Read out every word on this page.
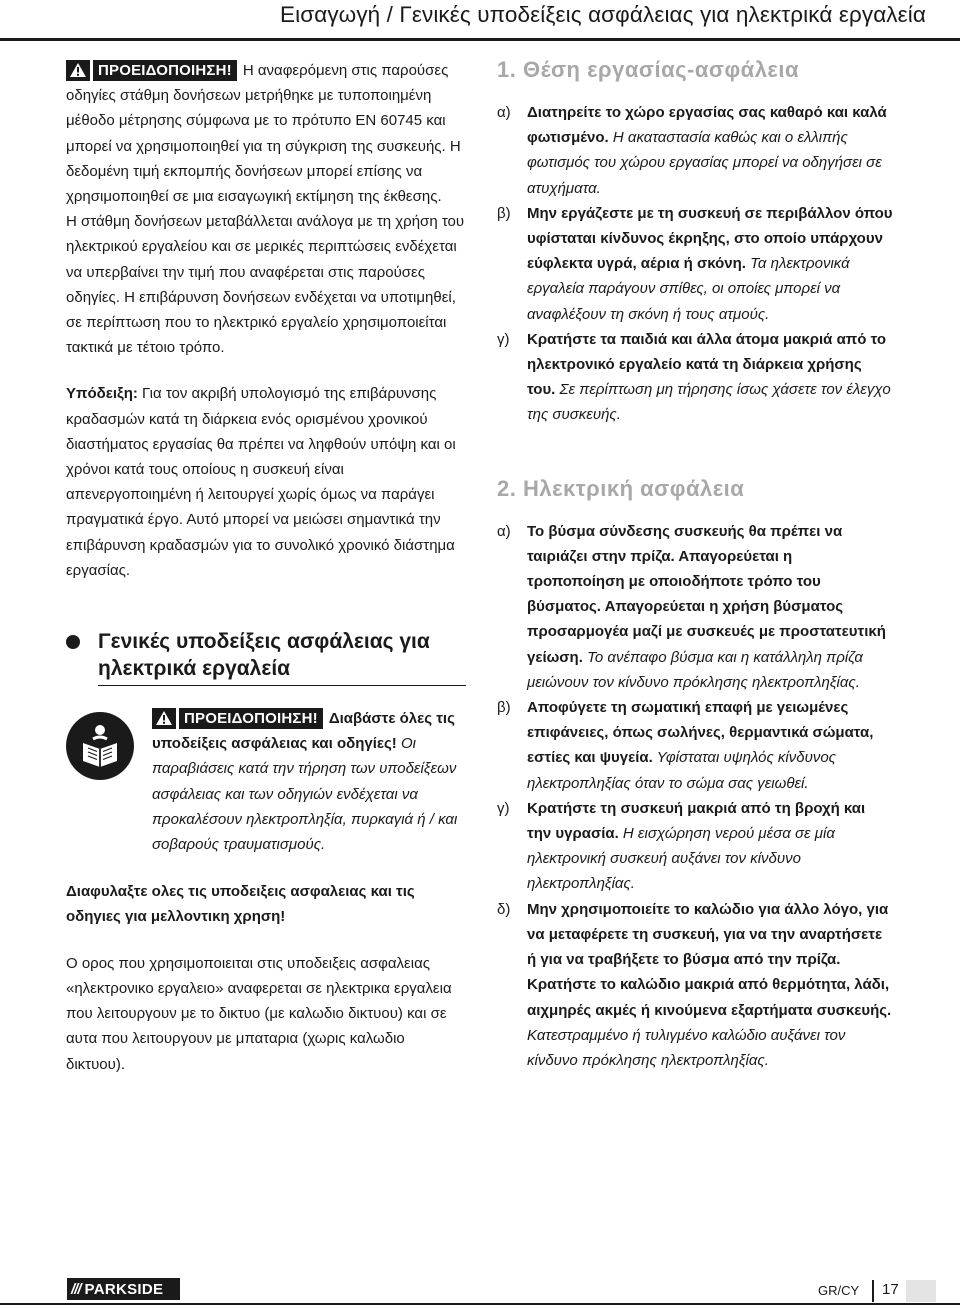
Εισαγωγή / Γενικές υποδείξεις ασφάλειας για ηλεκτρικά εργαλεία

ΠΡΟΕΙΔΟΠΟΙΗΣΗ! Η αναφερόμενη στις παρούσες οδηγίες στάθμη δονήσεων μετρήθηκε με τυποποιημένη μέθοδο μέτρησης σύμφωνα με το πρότυπο EN 60745 και μπορεί να χρησιμοποιηθεί για τη σύγκριση της συσκευής. Η δεδομένη τιμή εκπομπής δονήσεων μπορεί επίσης να χρησιμοποιηθεί σε μια εισαγωγική εκτίμηση της έκθεσης.

Η στάθμη δονήσεων μεταβάλλεται ανάλογα με τη χρήση του ηλεκτρικού εργαλείου και σε μερικές περιπτώσεις ενδέχεται να υπερβαίνει την τιμή που αναφέρεται στις παρούσες οδηγίες. Η επιβάρυνση δονήσεων ενδέχεται να υποτιμηθεί, σε περίπτωση που το ηλεκτρικό εργαλείο χρησιμοποιείται τακτικά με τέτοιο τρόπο.

Υπόδειξη: Για τον ακριβή υπολογισμό της επιβάρυνσης κραδασμών κατά τη διάρκεια ενός ορισμένου χρονικού διαστήματος εργασίας θα πρέπει να ληφθούν υπόψη και οι χρόνοι κατά τους οποίους η συσκευή είναι απενεργοποιημένη ή λειτουργεί χωρίς όμως να παράγει πραγματικά έργο. Αυτό μπορεί να μειώσει σημαντικά την επιβάρυνση κραδασμών για το συνολικό χρονικό διάστημα εργασίας.

Γενικές υποδείξεις ασφάλειας για ηλεκτρικά εργαλεία

ΠΡΟΕΙΔΟΠΟΙΗΣΗ! Διαβάστε όλες τις υποδείξεις ασφάλειας και οδηγίες! Οι παραβιάσεις κατά την τήρηση των υποδείξεων ασφάλειας και των οδηγιών ενδέχεται να προκαλέσουν ηλεκτροπληξία, πυρκαγιά ή / και σοβαρούς τραυματισμούς.

Διαφυλαξτε ολες τις υποδειξεις ασφαλειας και τις οδηγιες για μελλοντικη χρηση!

Ο ορος που χρησιμοποιειται στις υποδειξεις ασφαλειας «ηλεκτρονικο εργαλειο» αναφερεται σε ηλεκτρικα εργαλεια που λειτουργουν με το δικτυο (με καλωδιο δικτυου) και σε αυτα που λειτουργουν με μπαταρια (χωρις καλωδιο δικτυου).

1. Θέση εργασίας-ασφάλεια

α)	Διατηρείτε το χώρο εργασίας σας καθαρό και καλά φωτισμένο. Η ακαταστασία καθώς και ο ελλιπής φωτισμός του χώρου εργασίας μπορεί να οδηγήσει σε ατυχήματα.
β)	Μην εργάζεστε με τη συσκευή σε περιβάλλον όπου υφίσταται κίνδυνος έκρηξης, στο οποίο υπάρχουν εύφλεκτα υγρά, αέρια ή σκόνη. Τα ηλεκτρονικά εργαλεία παράγουν σπίθες, οι οποίες μπορεί να αναφλέξουν τη σκόνη ή τους ατμούς.
γ)	Κρατήστε τα παιδιά και άλλα άτομα μακριά από το ηλεκτρονικό εργαλείο κατά τη διάρκεια χρήσης του. Σε περίπτωση μη τήρησης ίσως χάσετε τον έλεγχο της συσκευής.

2. Ηλεκτρική ασφάλεια

α)	Το βύσμα σύνδεσης συσκευής θα πρέπει να ταιριάζει στην πρίζα. Απαγορεύεται η τροποποίηση με οποιοδήποτε τρόπο του βύσματος. Απαγορεύεται η χρήση βύσματος προσαρμογέα μαζί με συσκευές με προστατευτική γείωση. Το ανέπαφο βύσμα και η κατάλληλη πρίζα μειώνουν τον κίνδυνο πρόκλησης ηλεκτροπληξίας.
β)	Αποφύγετε τη σωματική επαφή με γειωμένες επιφάνειες, όπως σωλήνες, θερμαντικά σώματα, εστίες και ψυγεία. Υφίσταται υψηλός κίνδυνος ηλεκτροπληξίας όταν το σώμα σας γειωθεί.
γ)	Κρατήστε τη συσκευή μακριά από τη βροχή και την υγρασία. Η εισχώρηση νερού μέσα σε μία ηλεκτρονική συσκευή αυξάνει τον κίνδυνο ηλεκτροπληξίας.
δ)	Μην χρησιμοποιείτε το καλώδιο για άλλο λόγο, για να μεταφέρετε τη συσκευή, για να την αναρτήσετε ή για να τραβήξετε το βύσμα από την πρίζα. Κρατήστε το καλώδιο μακριά από θερμότητα, λάδι, αιχμηρές ακμές ή κινούμενα εξαρτήματα συσκευής. Κατεστραμμένο ή τυλιγμένο καλώδιο αυξάνει τον κίνδυνο πρόκλησης ηλεκτροπληξίας.
/// PARKSIDE	GR/CY 17
